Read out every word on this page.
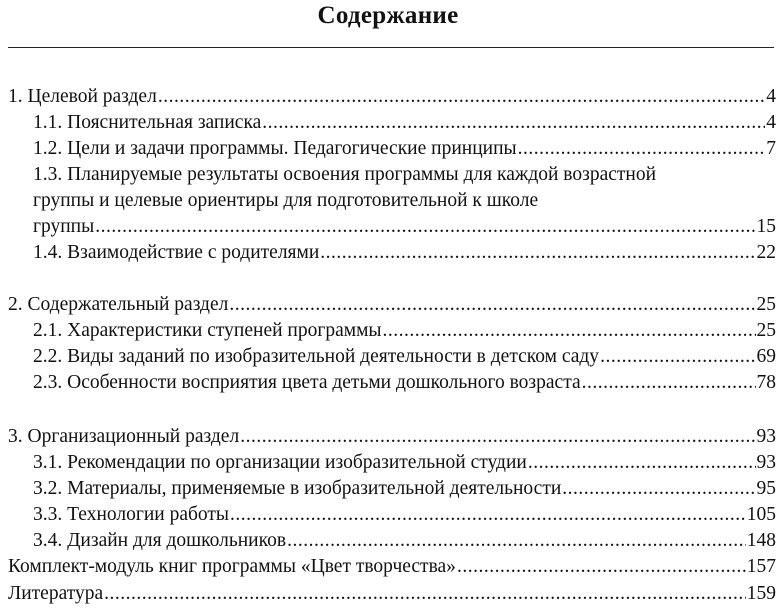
Содержание
1. Целевой раздел .....	4
1.1. Пояснительная записка .....	4
1.2. Цели и задачи программы. Педагогические принципы .....	7
1.3. Планируемые результаты освоения программы для каждой возрастной
группы и целевые ориентиры для подготовительной к школе
группы .....	15
1.4. Взаимодействие с родителями .....	22
2. Содержательный раздел .....	25
2.1. Характеристики ступеней программы .....	25
2.2. Виды заданий по изобразительной деятельности в детском саду .....	69
2.3. Особенности восприятия цвета детьми дошкольного возраста .....	78
3. Организационный раздел .....	93
3.1. Рекомендации по организации изобразительной студии .....	93
3.2. Материалы, применяемые в изобразительной деятельности .....	95
3.3. Технологии работы .....	105
3.4. Дизайн для дошкольников .....	148
Комплект-модуль книг программы «Цвет творчества» .....	157
Литература .....	159
